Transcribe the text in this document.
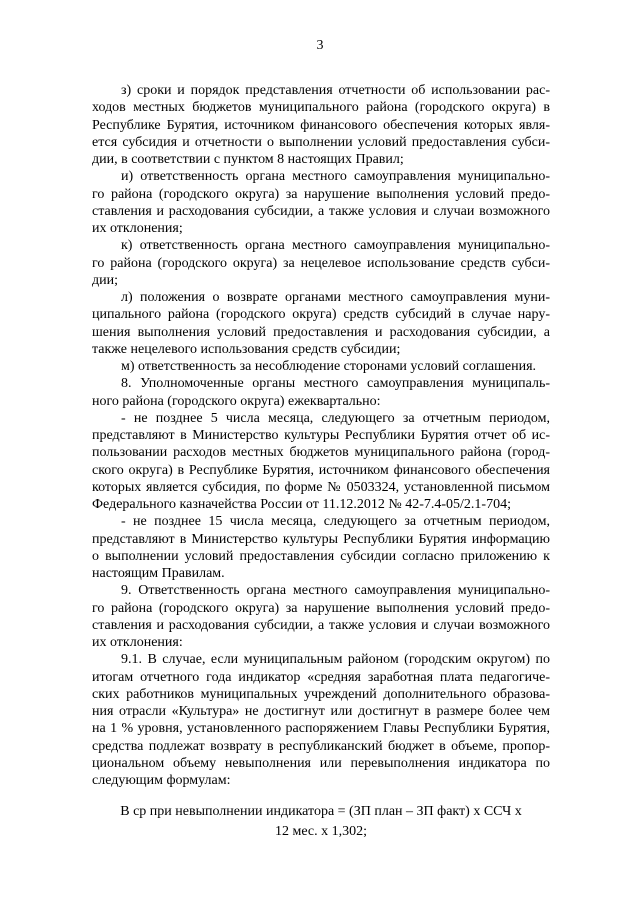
3
з) сроки и порядок представления отчетности об использовании рас-
ходов местных бюджетов муниципального района (городского округа) в
Республике Бурятия, источником финансового обеспечения которых явля-
ется субсидия и отчетности о выполнении условий предоставления субси-
дии, в соответствии с пунктом 8 настоящих Правил;
и) ответственность органа местного самоуправления муниципально-
го района (городского округа) за нарушение выполнения условий предо-
ставления и расходования субсидии, а также условия и случаи возможного
их отклонения;
к) ответственность органа местного самоуправления муниципально-
го района (городского округа) за нецелевое использование средств субси-
дии;
л) положения о возврате органами местного самоуправления муни-
ципального района (городского округа) средств субсидий в случае нару-
шения выполнения условий предоставления и расходования субсидии, а
также нецелевого использования средств субсидии;
м) ответственность за несоблюдение сторонами условий соглашения.
8. Уполномоченные органы местного самоуправления муниципаль-
ного района (городского округа) ежеквартально:
- не позднее 5 числа месяца, следующего за отчетным периодом,
представляют в Министерство культуры Республики Бурятия отчет об ис-
пользовании расходов местных бюджетов муниципального района (город-
ского округа) в Республике Бурятия, источником финансового обеспечения
которых является субсидия, по форме № 0503324, установленной письмом
Федерального казначейства России от 11.12.2012 № 42-7.4-05/2.1-704;
- не позднее 15 числа месяца, следующего за отчетным периодом,
представляют в Министерство культуры Республики Бурятия информацию
о выполнении условий предоставления субсидии согласно приложению к
настоящим Правилам.
9. Ответственность органа местного самоуправления муниципально-
го района (городского округа) за нарушение выполнения условий предо-
ставления и расходования субсидии, а также условия и случаи возможного
их отклонения:
9.1. В случае, если муниципальным районом (городским округом) по
итогам отчетного года индикатор «средняя заработная плата педагогиче-
ских работников муниципальных учреждений дополнительного образова-
ния отрасли «Культура» не достигнут или достигнут в размере более чем
на 1 % уровня, установленного распоряжением Главы Республики Бурятия,
средства подлежат возврату в республиканский бюджет в объеме, пропор-
циональном объему невыполнения или перевыполнения индикатора по
следующим формулам:
В ср при невыполнении индикатора = (ЗП план – ЗП факт) х ССЧ х
12 мес. х 1,302;
